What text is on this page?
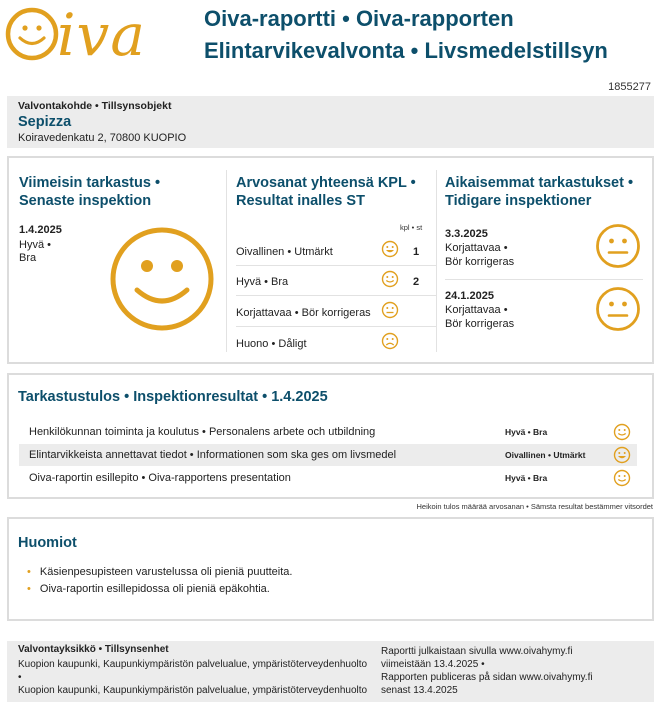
iva	Oiva-raportti • Oiva-rapporten
Elintarvikevalvonta • Livsmedelstillsyn
1855277
Valvontakohde • Tillsynsobjekt
Sepizza
Koiravedenkatu 2, 70800 KUOPIO
Viimeisin tarkastus •
Senaste inspektion
1.4.2025
Hyvä •
Bra
Arvosanat yhteensä KPL •
Resultat inalles ST
kpl • st
Oivallinen • Utmärkt	1
Hyvä • Bra	2
Korjattavaa • Bör korrigeras
Huono • Dåligt
Aikaisemmat tarkastukset •
Tidigare inspektioner
3.3.2025
Korjattavaa •
Bör korrigeras
24.1.2025
Korjattavaa •
Bör korrigeras
Tarkastustulos • Inspektionresultat • 1.4.2025
Henkilökunnan toiminta ja koulutus • Personalens arbete och utbildning	Hyvä • Bra
Elintarvikkeista annettavat tiedot • Informationen som ska ges om livsmedel	Oivallinen • Utmärkt
Oiva-raportin esillepito • Oiva-rapportens presentation	Hyvä • Bra
Heikoin tulos määrää arvosanan • Sämsta resultat bestämmer vitsordet
Huomiot
• Käsienpesupisteen varustelussa oli pieniä puutteita.
• Oiva-raportin esillepidossa oli pieniä epäkohtia.
Valvontayksikkö • Tillsynsenhet
Kuopion kaupunki, Kaupunkiympäristön palvelualue, ympäristöterveydenhuolto
•
Kuopion kaupunki, Kaupunkiympäristön palvelualue, ympäristöterveydenhuolto
Raportti julkaistaan sivulla www.oivahymy.fi
viimeistään 13.4.2025 •
Rapporten publiceras på sidan www.oivahymy.fi
senast 13.4.2025
